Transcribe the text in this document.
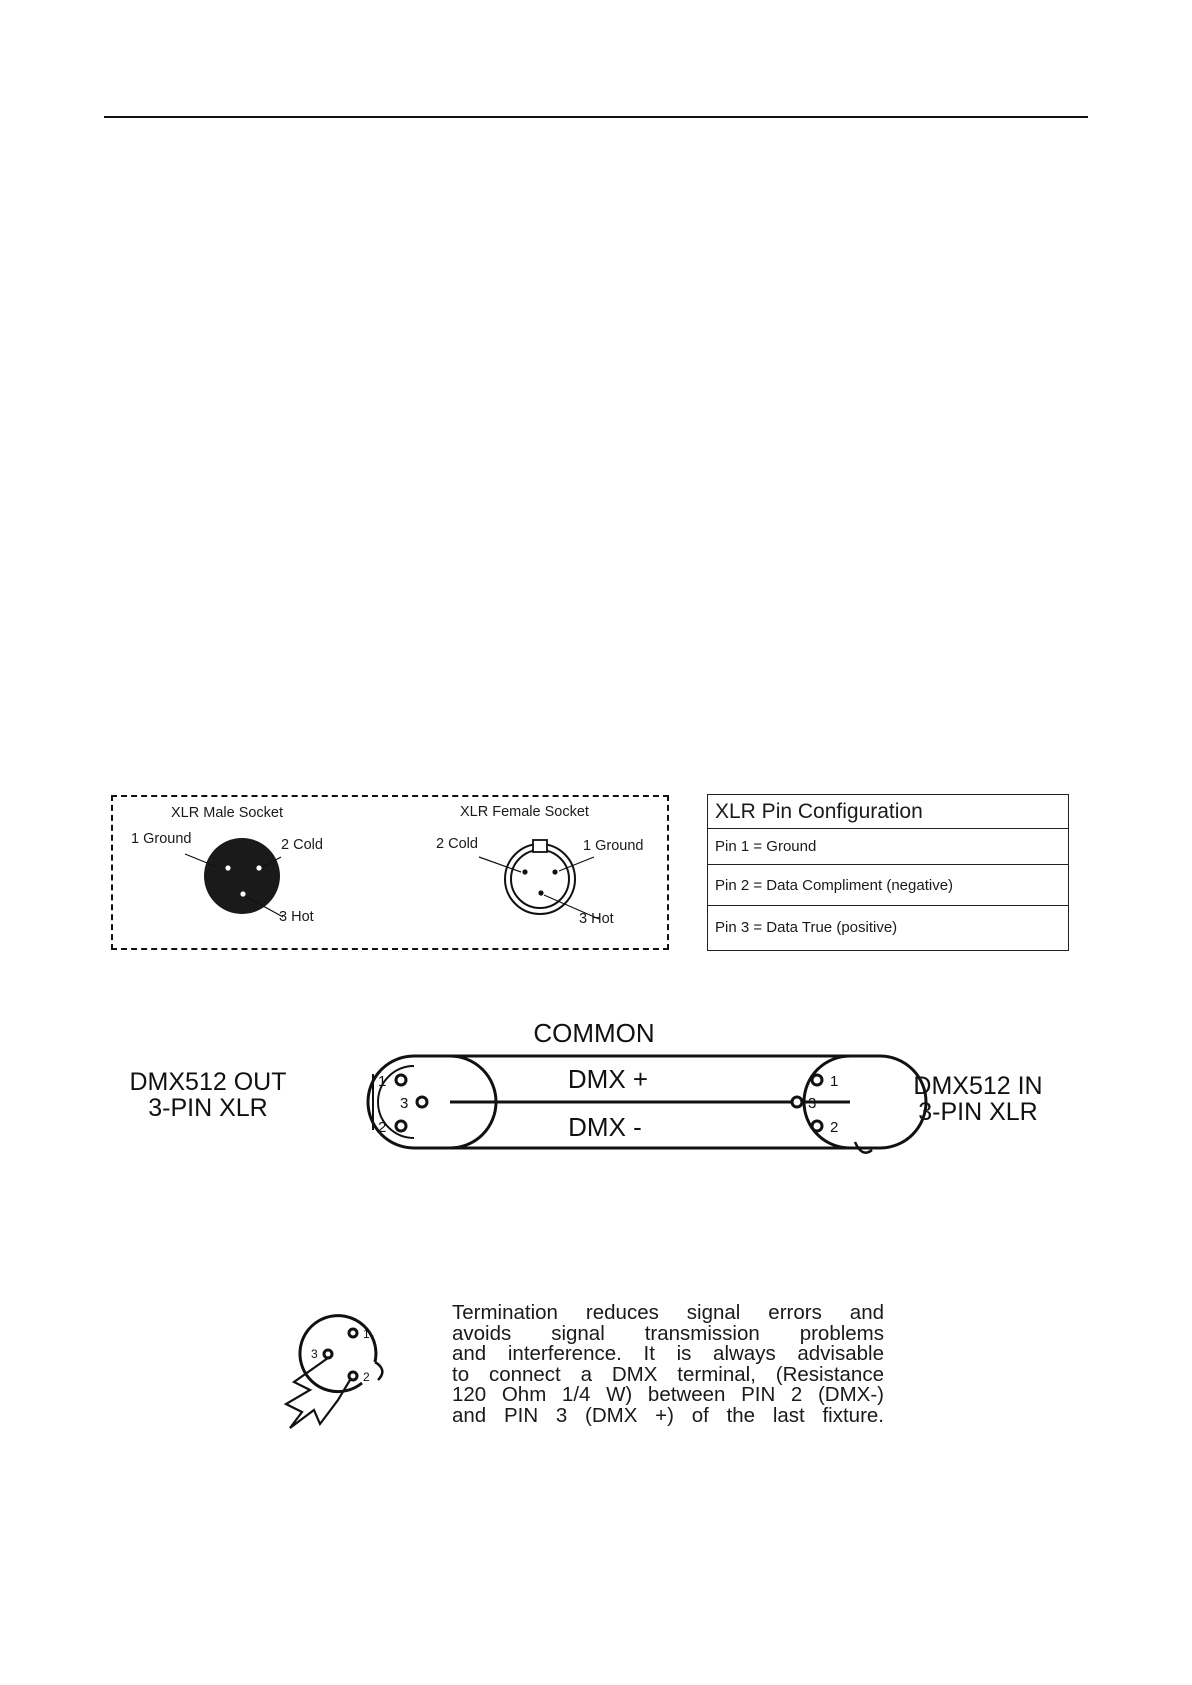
XLR Male Socket
1 Ground	2 Cold
3 Hot
XLR Female Socket
2 Cold	1 Ground
3 Hot
XLR Pin Configuration
Pin 1 = Ground
Pin 2 = Data Compliment (negative)
Pin 3 = Data True (positive)
1
3
2
1
3
2
COMMON
DMX +
DMX -
DMX512 OUT
3-PIN XLR
DMX512 IN
3-PIN XLR
1
3
2
Termination reduces signal errors and
avoids signal transmission problems
and interference. It is always advisable
to connect a DMX terminal, (Resistance
120 Ohm 1/4 W) between PIN 2 (DMX-)
and PIN 3 (DMX +) of the last fixture.
